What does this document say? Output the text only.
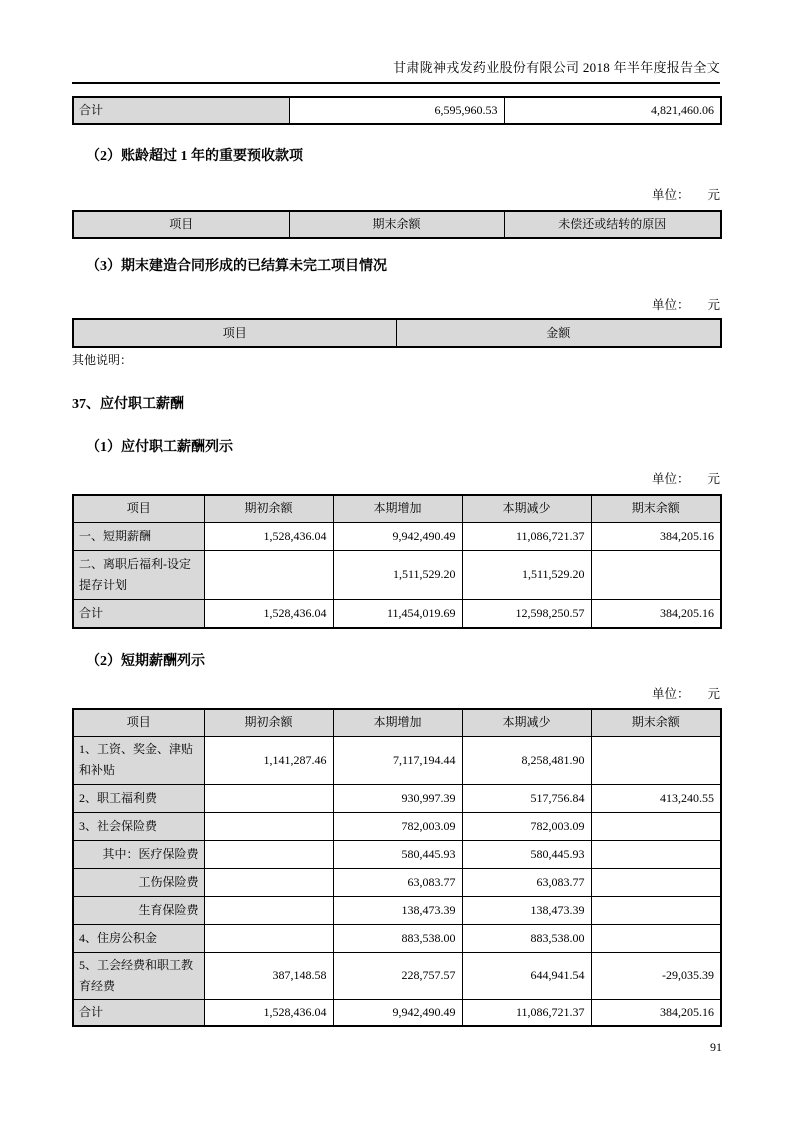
甘肃陇神戎发药业股份有限公司 2018 年半年度报告全文
合计	6,595,960.53	4,821,460.06
（2）账龄超过 1 年的重要预收款项
单位： 元
项目	期末余额	未偿还或结转的原因
（3）期末建造合同形成的已结算未完工项目情况
单位： 元
项目	金额
其他说明：
37、应付职工薪酬
（1）应付职工薪酬列示
单位： 元
项目	期初余额	本期增加	本期减少	期末余额
一、短期薪酬	1,528,436.04	9,942,490.49	11,086,721.37	384,205.16
二、离职后福利-设定提存计划		1,511,529.20	1,511,529.20	
合计	1,528,436.04	11,454,019.69	12,598,250.57	384,205.16
（2）短期薪酬列示
单位： 元
项目	期初余额	本期增加	本期减少	期末余额
1、工资、奖金、津贴和补贴	1,141,287.46	7,117,194.44	8,258,481.90	
2、职工福利费		930,997.39	517,756.84	413,240.55
3、社会保险费		782,003.09	782,003.09	
其中：医疗保险费		580,445.93	580,445.93	
工伤保险费		63,083.77	63,083.77	
生育保险费		138,473.39	138,473.39	
4、住房公积金		883,538.00	883,538.00	
5、工会经费和职工教育经费	387,148.58	228,757.57	644,941.54	-29,035.39
合计	1,528,436.04	9,942,490.49	11,086,721.37	384,205.16
91
